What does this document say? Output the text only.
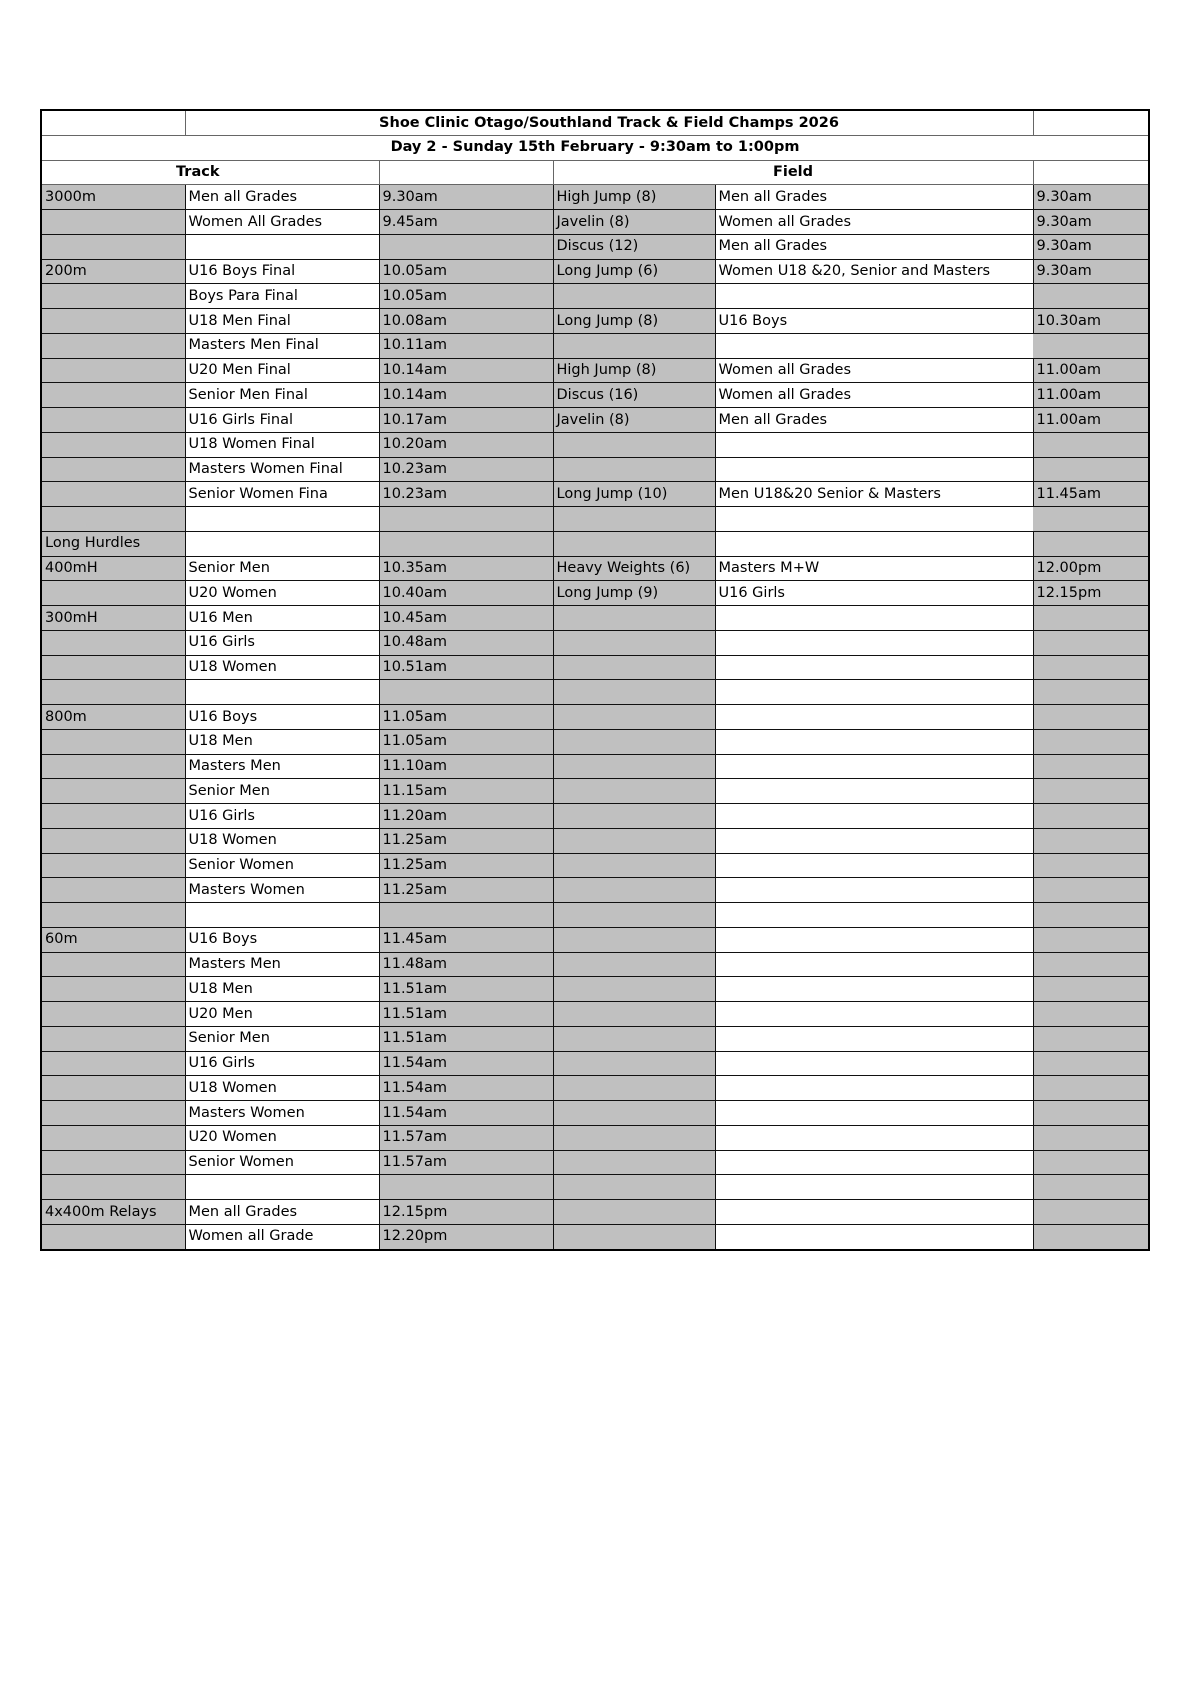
	Shoe Clinic Otago/Southland Track & Field Champs 2026				
Day 2 - Sunday 15th February - 9:30am to 1:00pm					
Track			Field		
3000m	Men all Grades	9.30am	High Jump (8)	Men all Grades	9.30am
	Women All Grades	9.45am	Javelin (8)	Women all Grades	9.30am
			Discus (12)	Men all Grades	9.30am
200m	U16 Boys Final	10.05am	Long Jump (6)	Women U18 &20, Senior and Masters	9.30am
	Boys Para Final	10.05am			
	U18 Men Final	10.08am	Long Jump (8)	U16 Boys	10.30am
	Masters Men Final	10.11am			
	U20 Men Final	10.14am	High Jump (8)	Women all Grades	11.00am
	Senior Men Final	10.14am	Discus (16)	Women all Grades	11.00am
	U16 Girls Final	10.17am	Javelin (8)	Men all Grades	11.00am
	U18 Women Final	10.20am			
	Masters Women Final	10.23am			
	Senior Women Fina	10.23am	Long Jump (10)	Men U18&20 Senior & Masters	11.45am

Long Hurdles					
400mH	Senior Men	10.35am	Heavy Weights (6)	Masters M+W	12.00pm
	U20 Women	10.40am	Long Jump (9)	U16 Girls	12.15pm
300mH	U16 Men	10.45am			
	U16 Girls	10.48am			
	U18 Women	10.51am			

800m	U16 Boys	11.05am			
	U18 Men	11.05am			
	Masters Men	11.10am			
	Senior Men	11.15am			
	U16 Girls	11.20am			
	U18 Women	11.25am			
	Senior Women	11.25am			
	Masters Women	11.25am			

60m	U16 Boys	11.45am			
	Masters Men	11.48am			
	U18 Men	11.51am			
	U20 Men	11.51am			
	Senior Men	11.51am			
	U16 Girls	11.54am			
	U18 Women	11.54am			
	Masters Women	11.54am			
	U20 Women	11.57am			
	Senior Women	11.57am			

4x400m Relays	Men all Grades	12.15pm			
	Women all Grade	12.20pm			
